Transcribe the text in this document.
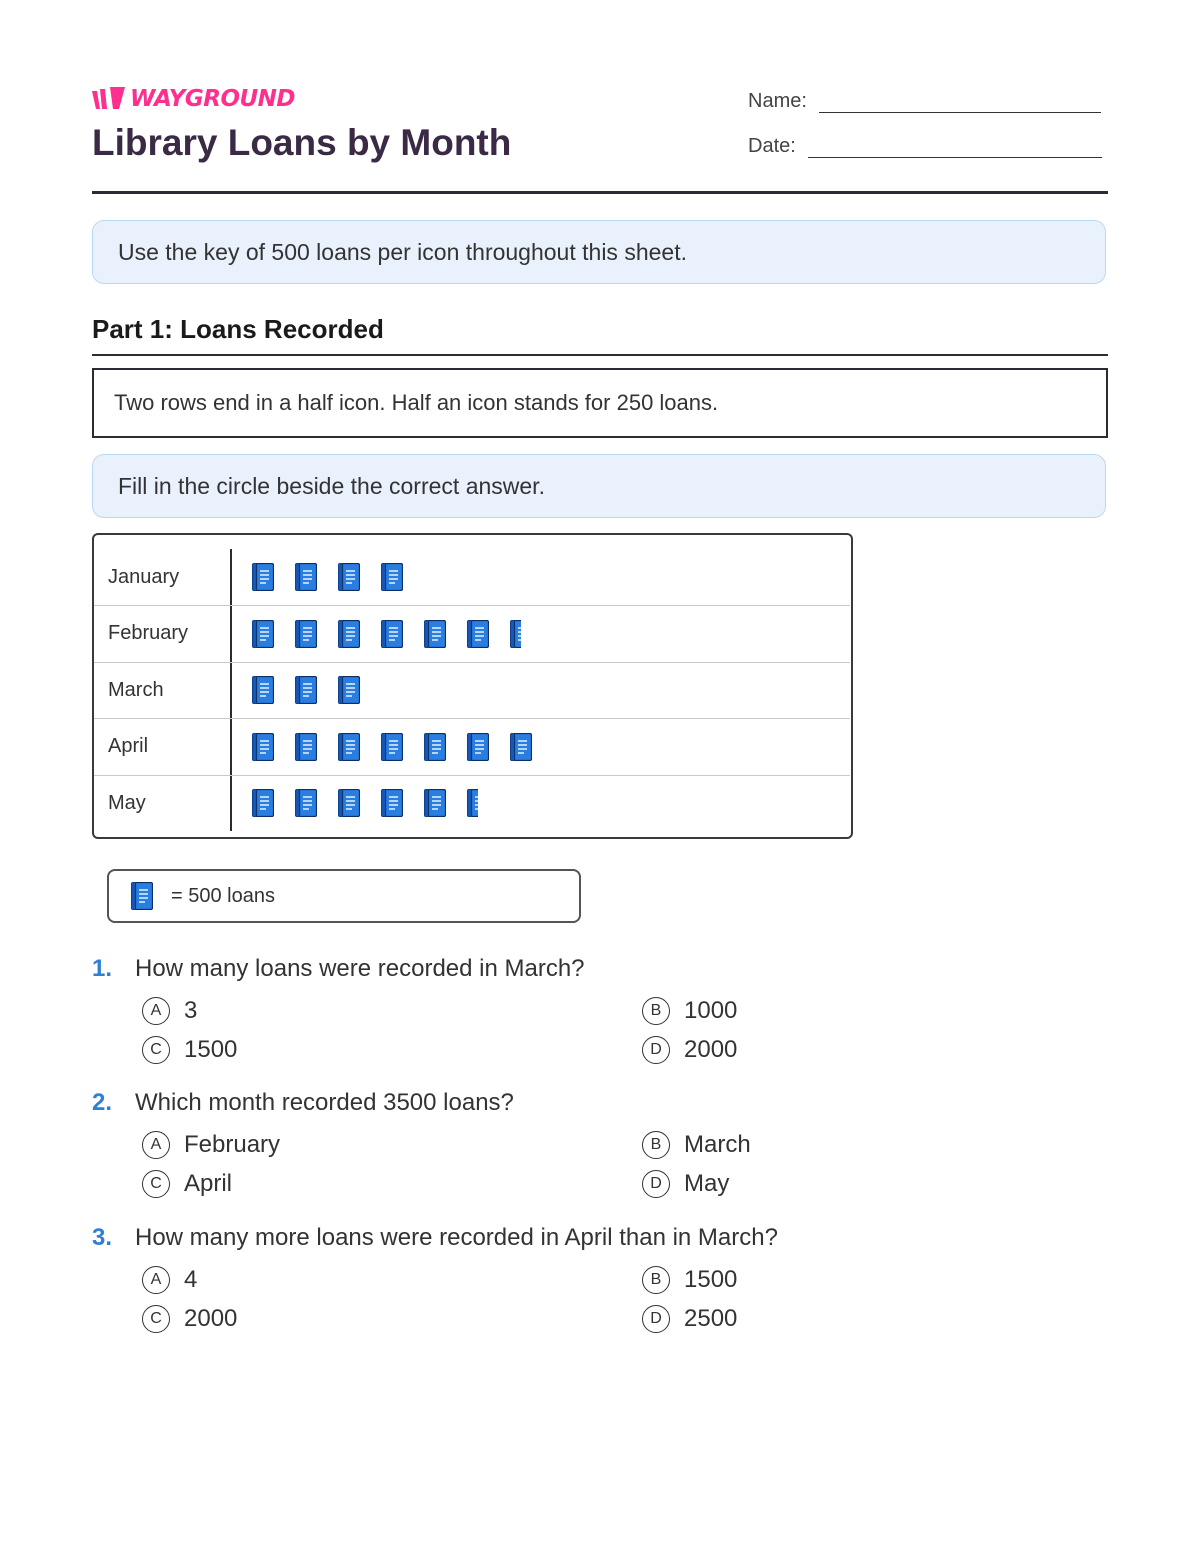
WAYGROUND
Library Loans by Month
Name:
Date:
Use the key of 500 loans per icon throughout this sheet.
Part 1: Loans Recorded
Two rows end in a half icon. Half an icon stands for 250 loans.
Fill in the circle beside the correct answer.
January
February
March
April
May
= 500 loans
1. How many loans were recorded in March?
A 3	B 1000
C 1500	D 2000
2. Which month recorded 3500 loans?
A February	B March
C April	D May
3. How many more loans were recorded in April than in March?
A 4	B 1500
C 2000	D 2500
